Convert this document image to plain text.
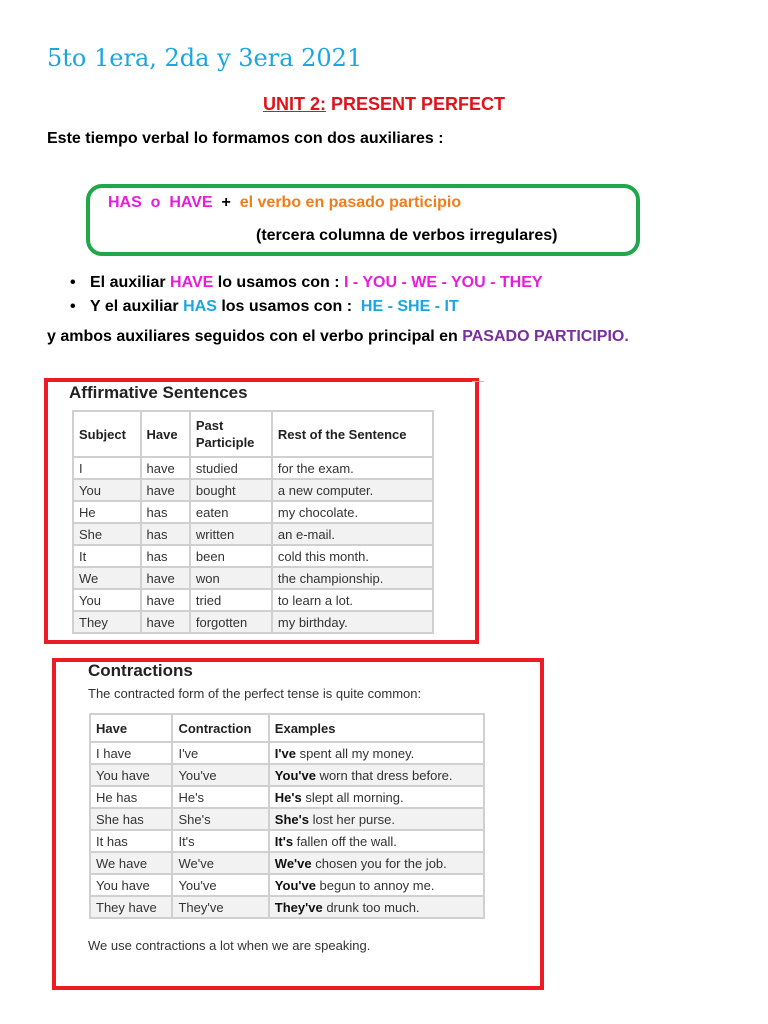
5to 1era, 2da y 3era 2021
UNIT 2: PRESENT PERFECT
Este tiempo verbal lo formamos con dos auxiliares :
HAS  o  HAVE  +  el verbo en pasado participio
(tercera columna de verbos irregulares)
• El auxiliar HAVE lo usamos con : I - YOU - WE - YOU - THEY
• Y el auxiliar HAS los usamos con : HE - SHE - IT
y ambos auxiliares seguidos con el verbo principal en PASADO PARTICIPIO.
Affirmative Sentences
Subject	Have	Past Participle	Rest of the Sentence
I	have	studied	for the exam.
You	have	bought	a new computer.
He	has	eaten	my chocolate.
She	has	written	an e-mail.
It	has	been	cold this month.
We	have	won	the championship.
You	have	tried	to learn a lot.
They	have	forgotten	my birthday.
Contractions
The contracted form of the perfect tense is quite common:
Have	Contraction	Examples
I have	I've	I've spent all my money.
You have	You've	You've worn that dress before.
He has	He's	He's slept all morning.
She has	She's	She's lost her purse.
It has	It's	It's fallen off the wall.
We have	We've	We've chosen you for the job.
You have	You've	You've begun to annoy me.
They have	They've	They've drunk too much.
We use contractions a lot when we are speaking.
